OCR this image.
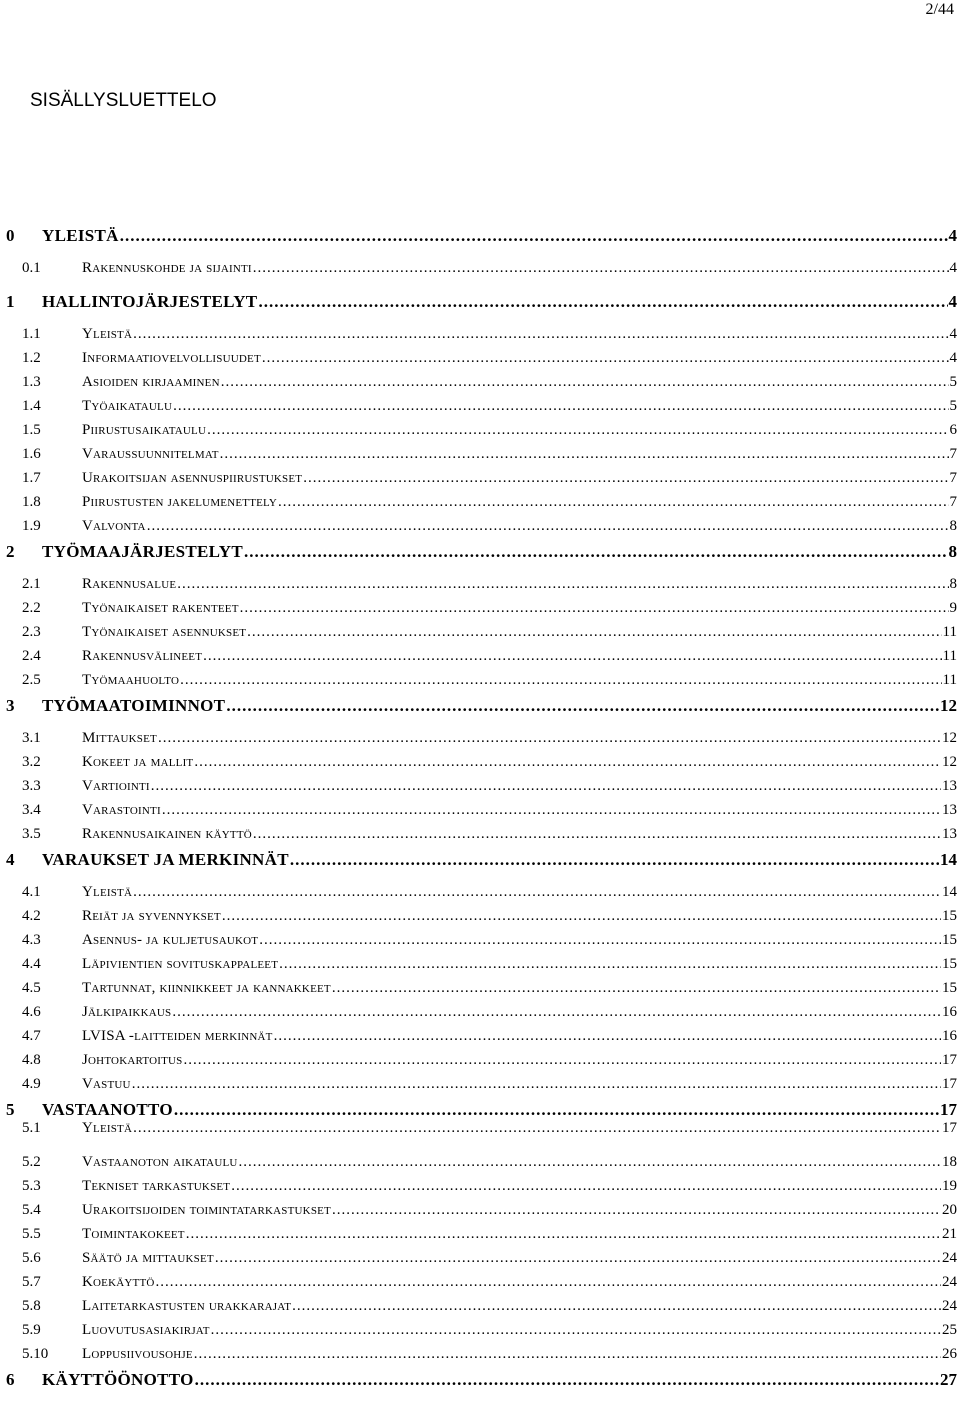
2/44
SISÄLLYSLUETTELO
0	YLEISTÄ .....	4
0.1	Rakennuskohde ja sijainti .....	4
1	HALLINTOJÄRJESTELYT .....	4
1.1	Yleistä .....	4
1.2	Informaatiovelvollisuudet .....	4
1.3	Asioiden kirjaaminen .....	5
1.4	Työaikataulu .....	5
1.5	Piirustusaikataulu .....	6
1.6	Varaussuunnitelmat .....	7
1.7	Urakoitsijan asennuspiirustukset .....	7
1.8	Piirustusten jakelumenettely .....	7
1.9	Valvonta .....	8
2	TYÖMAAJÄRJESTELYT .....	8
2.1	Rakennusalue .....	8
2.2	Työnaikaiset rakenteet .....	9
2.3	Työnaikaiset asennukset .....	11
2.4	Rakennusvälineet .....	11
2.5	Työmaahuolto .....	11
3	TYÖMAATOIMINNOT .....	12
3.1	Mittaukset .....	12
3.2	Kokeet ja mallit .....	12
3.3	Vartiointi .....	13
3.4	Varastointi .....	13
3.5	Rakennusaikainen käyttö .....	13
4	VARAUKSET JA MERKINNÄT .....	14
4.1	Yleistä .....	14
4.2	Reiät ja syvennykset .....	15
4.3	Asennus- ja kuljetusaukot .....	15
4.4	Läpivientien sovituskappaleet .....	15
4.5	Tartunnat, kiinnikkeet ja kannakkeet .....	15
4.6	Jälkipaikkaus .....	16
4.7	LVISA -laitteiden merkinnät .....	16
4.8	Johtokartoitus .....	17
4.9	Vastuu .....	17
5	VASTAANOTTO .....	17
5.1	Yleistä .....	17
5.2	Vastaanoton aikataulu .....	18
5.3	Tekniset tarkastukset .....	19
5.4	Urakoitsijoiden toimintatarkastukset .....	20
5.5	Toimintakokeet .....	21
5.6	Säätö ja mittaukset .....	24
5.7	Koekäyttö .....	24
5.8	Laitetarkastusten urakkarajat .....	24
5.9	Luovutusasiakirjat .....	25
5.10	Loppusiivousohje .....	26
6	KÄYTTÖÖNOTTO .....	27
